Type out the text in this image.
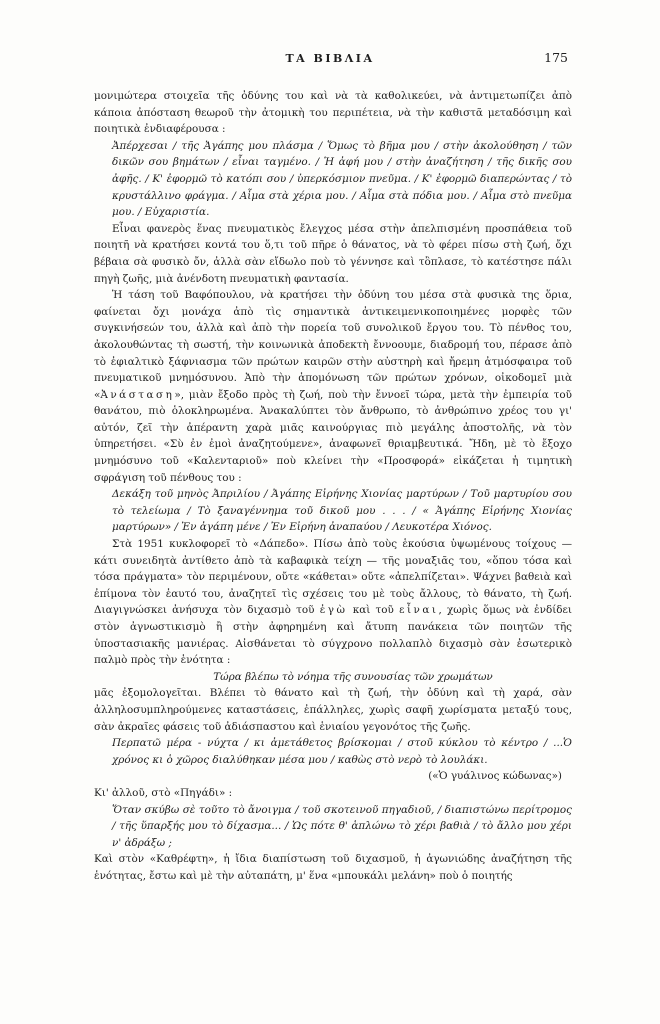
ΤΑ ΒΙΒΛΙΑ	175

μονιμώτερα στοιχεῖα τῆς ὀδύνης του καὶ νὰ τὰ καθολικεύει, νὰ ἀντιμετωπίζει ἀπὸ κάποια ἀπόσταση θεωροῦ τὴν ἀτομικὴ του περιπέτεια, νὰ τὴν καθιστᾶ μεταδόσιμη καὶ ποιητικὰ ἐνδιαφέρουσα :

Ἀπέρχεσαι / τῆς Ἀγάπης μου πλάσμα / Ὅμως τὸ βῆμα μου / στὴν ἀκολούθηση / τῶν δικῶν σου βημάτων / εἶναι ταγμένο. / Ἡ ἀφή μου / στὴν ἀναζήτηση / τῆς δικῆς σου ἀφῆς. / Κ' ἐφορμῶ τὸ κατόπι σου / ὑπερκόσμιον πνεῦμα. / Κ' ἐφορμῶ διαπερώντας / τὸ κρυστάλλινο φράγμα. / Αἷμα στὰ χέρια μου. / Αἷμα στὰ πόδια μου. / Αἷμα στὸ πνεῦμα μου. / Εὐχαριστία.

Εἶναι φανερὸς ἕνας πνευματικὸς ἔλεγχος μέσα στὴν ἀπελπισμένη προσπάθεια τοῦ ποιητῆ νὰ κρατήσει κοντά του ὅ,τι τοῦ πῆρε ὁ θάνατος, νὰ τὸ φέρει πίσω στὴ ζωή, ὄχι βέβαια σὰ φυσικὸ ὄν, ἀλλὰ σὰν εἴδωλο ποὺ τὸ γέννησε καὶ τὂπλασε, τὸ κατέστησε πάλι πηγὴ ζωῆς, μιὰ ἀνένδοτη πνευματικὴ φαντασία.

Ἡ τάση τοῦ Βαφόπουλου, νὰ κρατήσει τὴν ὀδύνη του μέσα στὰ φυσικὰ της ὅρια, φαίνεται ὄχι μονάχα ἀπὸ τὶς σημαντικὰ ἀντικειμενικοποιημένες μορφὲς τῶν συγκινήσεών του, ἀλλὰ καὶ ἀπὸ τὴν πορεία τοῦ συνολικοῦ ἔργου του. Τὸ πένθος του, ἀκολουθώντας τὴ σωστή, τὴν κοινωνικὰ ἀποδεκτὴ ἔννοουμε, διαδρομή του, πέρασε ἀπὸ τὸ ἐφιαλτικὸ ξάφνιασμα τῶν πρώτων καιρῶν στὴν αὐστηρὴ καὶ ἤρεμη ἀτμόσφαιρα τοῦ πνευματικοῦ μνημόσυνου. Ἀπὸ τὴν ἀπομόνωση τῶν πρώτων χρόνων, οἰκοδομεῖ μιὰ «Ἀνάσταση», μιὰν ἔξοδο πρὸς τὴ ζωή, ποὺ τὴν ἔννοεῖ τώρα, μετὰ τὴν ἐμπειρία τοῦ θανάτου, πιὸ ὁλοκληρωμένα. Ἀνακαλύπτει τὸν ἄνθρωπο, τὸ ἀνθρώπινο χρέος του γι' αὐτόν, ζεῖ τὴν ἀπέραντη χαρὰ μιᾶς καινούργιας πιὸ μεγάλης ἀποστολῆς, νὰ τὸν ὑπηρετήσει. «Σὺ ἐν ἐμοὶ ἀναζητούμενε», ἀναφωνεῖ θριαμβευτικά. Ἤδη, μὲ τὸ ἔξοχο μνημόσυνο τοῦ «Καλενταριοῦ» ποὺ κλείνει τὴν «Προσφορά» εἰκάζεται ἡ τιμητικὴ σφράγιση τοῦ πένθους του :

Δεκάξη τοῦ μηνὸς Ἀπριλίου / Ἀγάπης Εἰρήνης Χιονίας μαρτύρων / Τοῦ μαρτυρίου σου τὸ τελείωμα / Τὸ ξαναγέννημα τοῦ δικοῦ μου . . . / « Ἀγάπης Εἰρήνης Χιονίας μαρτύρων» / Ἐν ἀγάπη μένε / Ἐν Εἰρήνη ἀναπαύου / Λευκοτέρα Χιόνος.

Στὰ 1951 κυκλοφορεῖ τὸ «Δάπεδο». Πίσω ἀπὸ τοὺς ἑκούσια ὑψωμένους τοίχους — κάτι συνειδητὰ ἀντίθετο ἀπὸ τὰ καβαφικὰ τείχη — τῆς μοναξιᾶς του, «ὅπου τόσα καὶ τόσα πράγματα» τὸν περιμένουν, οὔτε «κάθεται» οὔτε «ἀπελπίζεται». Ψάχνει βαθειὰ καὶ ἐπίμονα τὸν ἑαυτό του, ἀναζητεῖ τὶς σχέσεις του μὲ τοὺς ἄλλους, τὸ θάνατο, τὴ ζωή. Διαγιγνώσκει ἀνήσυχα τὸν διχασμὸ τοῦ ἐγὼ καὶ τοῦ εἶναι, χωρὶς ὅμως νὰ ἐνδίδει στὸν ἀγνωστικισμὸ ἢ στὴν ἀφηρημένη καὶ ἄτυπη πανάκεια τῶν ποιητῶν τῆς ὑποστασιακῆς μανιέρας. Αἰσθάνεται τὸ σύγχρονο πολλαπλὸ διχασμὸ σὰν ἐσωτερικὸ παλμὸ πρὸς τὴν ἑνότητα :

Τώρα βλέπω τὸ νόημα τῆς συνουσίας τῶν χρωμάτων

μᾶς ἐξομολογεῖται. Βλέπει τὸ θάνατο καὶ τὴ ζωή, τὴν ὀδύνη καὶ τὴ χαρά, σὰν ἀλληλοσυμπληρούμενες καταστάσεις, ἐπάλληλες, χωρὶς σαφῆ χωρίσματα μεταξύ τους, σὰν ἀκραῖες φάσεις τοῦ ἀδιάσπαστου καὶ ἑνιαίου γεγονότος τῆς ζωῆς.

Περπατῶ μέρα - νύχτα / κι ἀμετάθετος βρίσκομαι / στοῦ κύκλου τὸ κέντρο / ...Ὁ χρόνος κι ὁ χῶρος διαλύθηκαν μέσα μου / καθὼς στὸ νερὸ τὸ λουλάκι.

(«Ὁ γυάλινος κώδωνας»)

Κι' ἀλλοῦ, στὸ «Πηγάδι» :

Ὅταν σκύβω σὲ τοῦτο τὸ ἄνοιγμα / τοῦ σκοτεινοῦ πηγαδιοῦ, / διαπιστώνω περίτρομος / τῆς ὕπαρξής μου τὸ δίχασμα... / Ὡς πότε θ' ἁπλώνω τὸ χέρι βαθιὰ / τὸ ἄλλο μου χέρι ν' ἀδράξω ;

Καὶ στὸν «Καθρέφτη», ἡ ἴδια διαπίστωση τοῦ διχασμοῦ, ἡ ἀγωνιώδης ἀναζήτηση τῆς ἑνότητας, ἔστω καὶ μὲ τὴν αὐταπάτη, μ' ἕνα «μπουκάλι μελάνη» ποὺ ὁ ποιητής
